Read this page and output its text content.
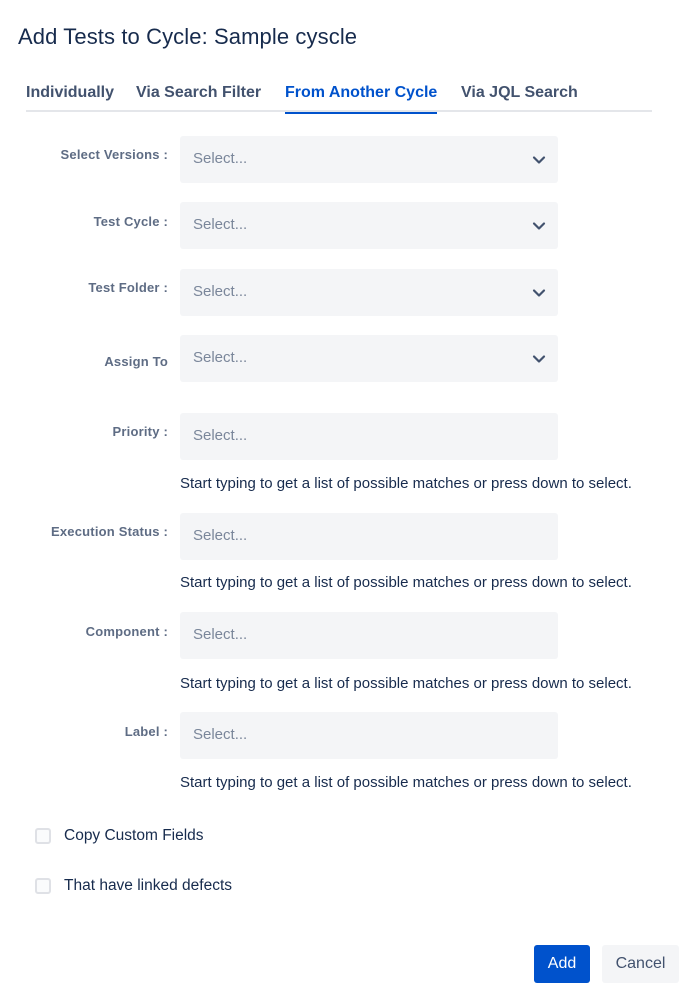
Add Tests to Cycle: Sample cyscle
Individually Via Search Filter From Another Cycle Via JQL Search
Select Versions : Select...
Test Cycle : Select...
Test Folder : Select...
Assign To Select...
Priority : Select...
Start typing to get a list of possible matches or press down to select.
Execution Status : Select...
Start typing to get a list of possible matches or press down to select.
Component : Select...
Start typing to get a list of possible matches or press down to select.
Label : Select...
Start typing to get a list of possible matches or press down to select.
Copy Custom Fields
That have linked defects
Add	Cancel
